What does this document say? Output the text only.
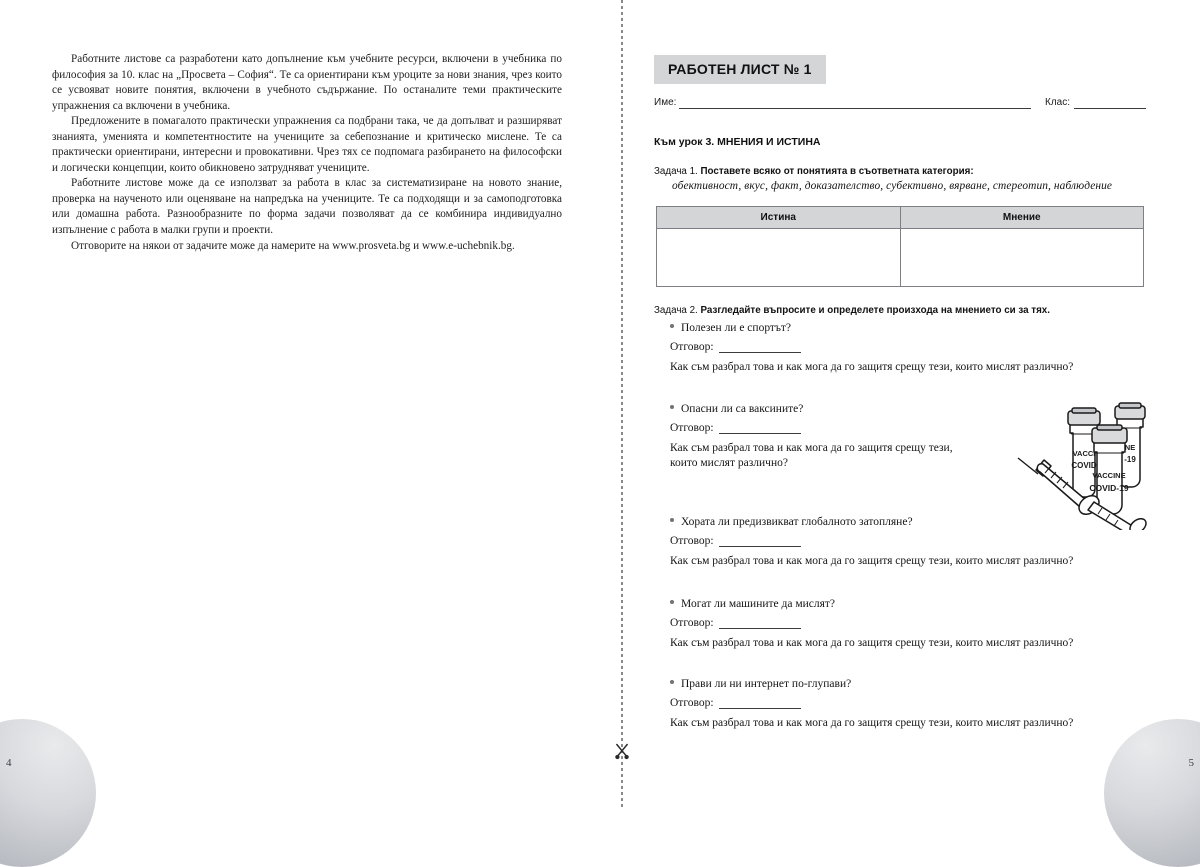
Работните листове са разработени като допълнение към учебните ресурси, включени в учебника по философия за 10. клас на „Просвета – София“. Те са ориентирани към уроците за нови знания, чрез които се усвояват новите понятия, включени в учебното съдържание. По останалите теми практическите упражнения са включени в учебника.

Предложените в помагалото практически упражнения са подбрани така, че да допълват и разширяват знанията, уменията и компетентностите на учениците за себепознание и критическо мислене. Те са практически ориентирани, интересни и провокативни. Чрез тях се подпомага разбирането на философски и логически концепции, които обикновено затрудняват учениците.

Работните листове може да се използват за работа в клас за систематизиране на новото знание, проверка на наученото или оценяване на напредъка на учениците. Те са подходящи и за самоподготовка или домашна работа. Разнообразните по форма задачи позволяват да се комбинира индивидуално изпълнение с работа в малки групи и проекти.

Отговорите на някои от задачите може да намерите на www.prosveta.bg и www.e-uchebnik.bg.

РАБОТЕН ЛИСТ № 1
Име:	Клас:
Към урок 3. МНЕНИЯ И ИСТИНА
Задача 1. Поставете всяко от понятията в съответната категория:
обективност, вкус, факт, доказателство, субективно, вярване, стереотип, наблюдение
Истина	Мнение

Задача 2. Разгледайте въпросите и определете произхода на мнението си за тях.
Полезен ли е спортът?
Отговор:
Как съм разбрал това и как мога да го защитя срещу тези, които мислят различно?
Опасни ли са ваксините?
Отговор:
Как съм разбрал това и как мога да го защитя срещу тези,
които мислят различно?
Хората ли предизвикват глобалното затопляне?
Отговор:
Как съм разбрал това и как мога да го защитя срещу тези, които мислят различно?
Могат ли машините да мислят?
Отговор:
Как съм разбрал това и как мога да го защитя срещу тези, които мислят различно?
Прави ли ни интернет по-глупави?
Отговор:
Как съм разбрал това и как мога да го защитя срещу тези, които мислят различно?
NE
-19
VACCI
COVID
VACCINE
COVID-19
4	5
